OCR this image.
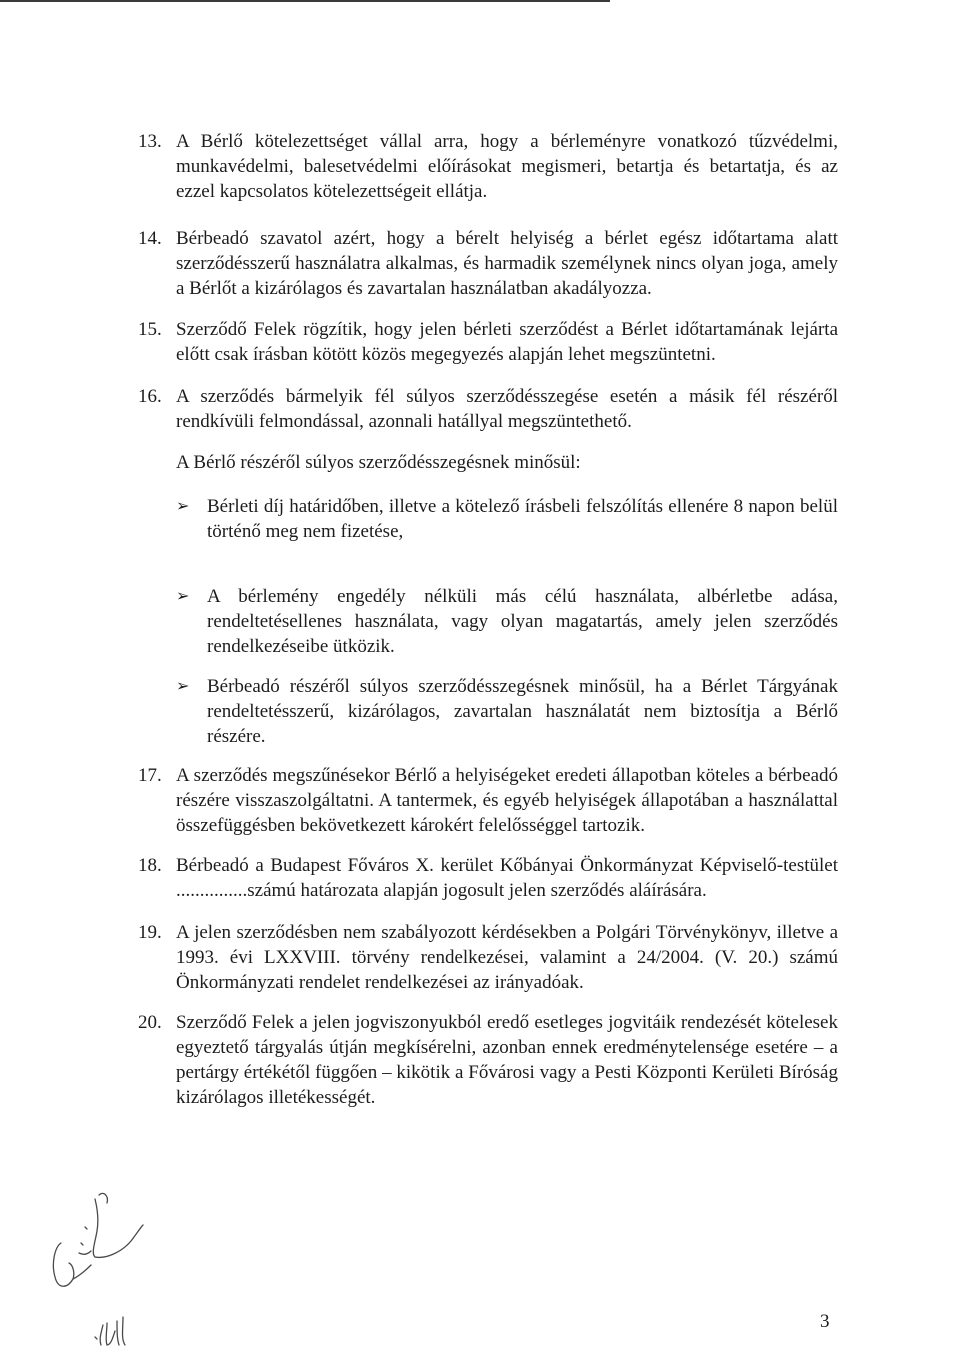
13. A Bérlő kötelezettséget vállal arra, hogy a bérleményre vonatkozó tűzvédelmi, munkavédelmi, balesetvédelmi előírásokat megismeri, betartja és betartatja, és az ezzel kapcsolatos kötelezettségeit ellátja.
14. Bérbeadó szavatol azért, hogy a bérelt helyiség a bérlet egész időtartama alatt szerződésszerű használatra alkalmas, és harmadik személynek nincs olyan joga, amely a Bérlőt a kizárólagos és zavartalan használatban akadályozza.
15. Szerződő Felek rögzítik, hogy jelen bérleti szerződést a Bérlet időtartamának lejárta előtt csak írásban kötött közös megegyezés alapján lehet megszüntetni.
16. A szerződés bármelyik fél súlyos szerződésszegése esetén a másik fél részéről rendkívüli felmondással, azonnali hatállyal megszüntethető.
A Bérlő részéről súlyos szerződésszegésnek minősül:
➢ Bérleti díj határidőben, illetve a kötelező írásbeli felszólítás ellenére 8 napon belül történő meg nem fizetése,
➢ A bérlemény engedély nélküli más célú használata, albérletbe adása, rendeltetésellenes használata, vagy olyan magatartás, amely jelen szerződés rendelkezéseibe ütközik.
➢ Bérbeadó részéről súlyos szerződésszegésnek minősül, ha a Bérlet Tárgyának rendeltetésszerű, kizárólagos, zavartalan használatát nem biztosítja a Bérlő részére.
17. A szerződés megszűnésekor Bérlő a helyiségeket eredeti állapotban köteles a bérbeadó részére visszaszolgáltatni. A tantermek, és egyéb helyiségek állapotában a használattal összefüggésben bekövetkezett károkért felelősséggel tartozik.
18. Bérbeadó a Budapest Főváros X. kerület Kőbányai Önkormányzat Képviselő-testület ...............számú határozata alapján jogosult jelen szerződés aláírására.
19. A jelen szerződésben nem szabályozott kérdésekben a Polgári Törvénykönyv, illetve a 1993. évi LXXVIII. törvény rendelkezései, valamint a 24/2004. (V. 20.) számú Önkormányzati rendelet rendelkezései az irányadóak.
20. Szerződő Felek a jelen jogviszonyukból eredő esetleges jogvitáik rendezését kötelesek egyeztető tárgyalás útján megkísérelni, azonban ennek eredménytelensége esetére – a pertárgy értékétől függően – kikötik a Fővárosi vagy a Pesti Központi Kerületi Bíróság kizárólagos illetékességét.
3
